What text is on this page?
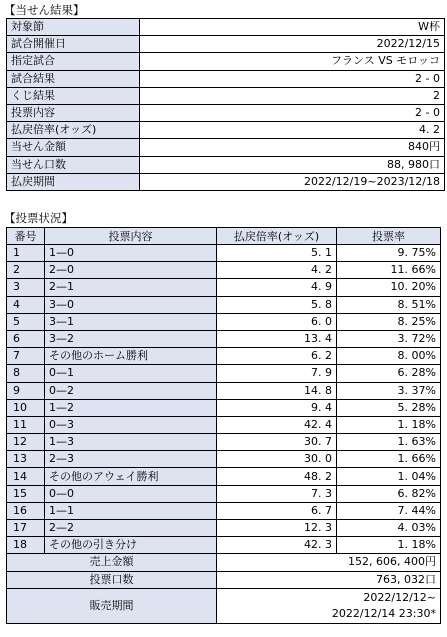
【当せん結果】
対象節	W杯
試合開催日	2022/12/15
指定試合	フランス VS モロッコ
試合結果	2 - 0
くじ結果	2
投票内容	2 - 0
払戻倍率(オッズ)	4. 2
当せん金額	840円
当せん口数	88, 980口
払戻期間	2022/12/19~2023/12/18
【投票状況】
番号	投票内容	払戻倍率(オッズ)	投票率
1	1—0	5. 1	9. 75%
2	2—0	4. 2	11. 66%
3	2—1	4. 9	10. 20%
4	3—0	5. 8	8. 51%
5	3—1	6. 0	8. 25%
6	3—2	13. 4	3. 72%
7	その他のホーム勝利	6. 2	8. 00%
8	0—1	7. 9	6. 28%
9	0—2	14. 8	3. 37%
10	1—2	9. 4	5. 28%
11	0—3	42. 4	1. 18%
12	1—3	30. 7	1. 63%
13	2—3	30. 0	1. 66%
14	その他のアウェイ勝利	48. 2	1. 04%
15	0—0	7. 3	6. 82%
16	1—1	6. 7	7. 44%
17	2—2	12. 3	4. 03%
18	その他の引き分け	42. 3	1. 18%
売上金額		152, 606, 400円	
投票口数		763, 032口	
販売期間		2022/12/12~
2022/12/14 23:30*	
